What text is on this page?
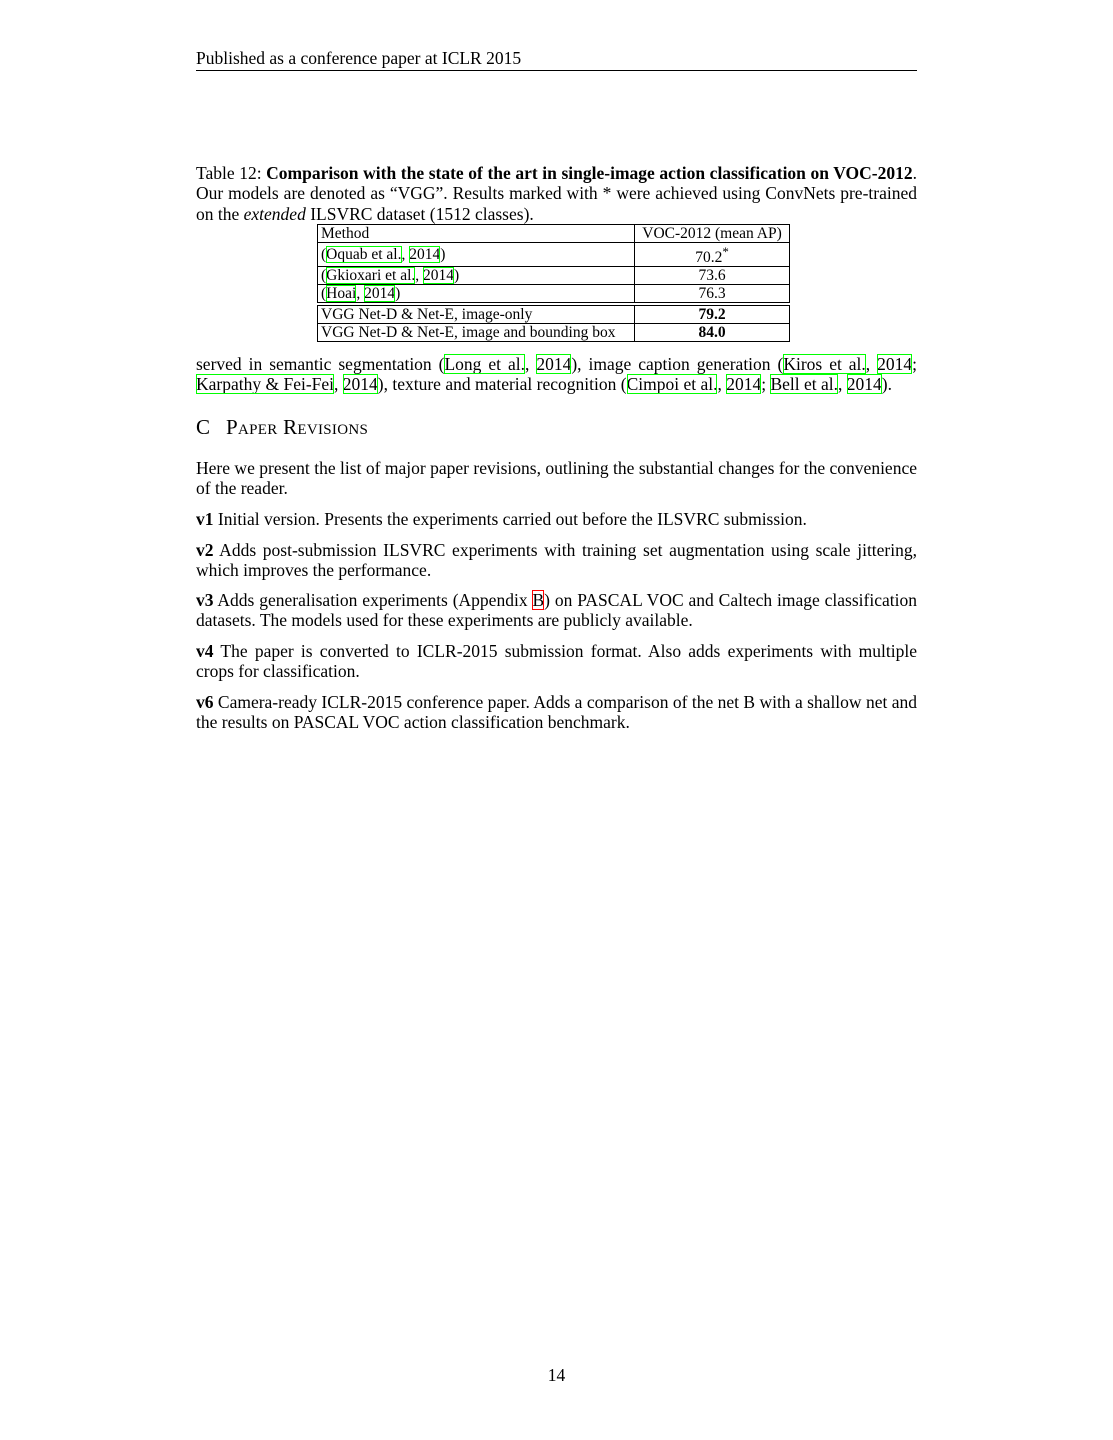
Published as a conference paper at ICLR 2015
Table 12: Comparison with the state of the art in single-image action classification on VOC-2012. Our models are denoted as “VGG”. Results marked with * were achieved using ConvNets pre-trained on the extended ILSVRC dataset (1512 classes).
Method	VOC-2012 (mean AP)
(Oquab et al., 2014)	70.2*
(Gkioxari et al., 2014)	73.6
(Hoai, 2014)	76.3
VGG Net-D & Net-E, image-only	79.2
VGG Net-D & Net-E, image and bounding box	84.0

served in semantic segmentation (Long et al., 2014), image caption generation (Kiros et al., 2014; Karpathy & Fei-Fei, 2014), texture and material recognition (Cimpoi et al., 2014; Bell et al., 2014).

C Paper Revisions

Here we present the list of major paper revisions, outlining the substantial changes for the convenience of the reader.

v1 Initial version. Presents the experiments carried out before the ILSVRC submission.

v2 Adds post-submission ILSVRC experiments with training set augmentation using scale jittering, which improves the performance.

v3 Adds generalisation experiments (Appendix B) on PASCAL VOC and Caltech image classification datasets. The models used for these experiments are publicly available.

v4 The paper is converted to ICLR-2015 submission format. Also adds experiments with multiple crops for classification.

v6 Camera-ready ICLR-2015 conference paper. Adds a comparison of the net B with a shallow net and the results on PASCAL VOC action classification benchmark.

14
